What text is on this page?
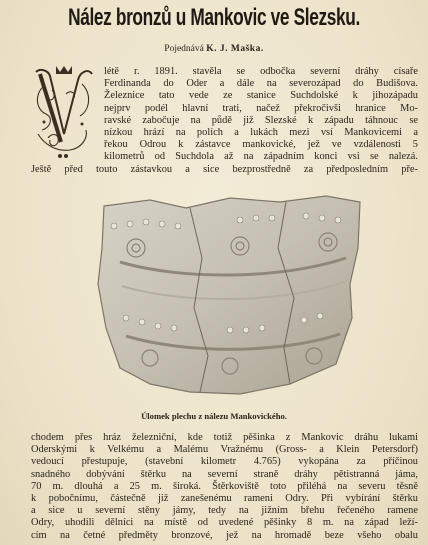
Nález bronzů u Mankovic ve Slezsku.
Pojednává K. J. Maška.
létě r. 1891. stavěla se odbočka severní dráhy císaře
Ferdinanda do Oder a dále na severozápad do Budišova.
Železnice tato vede ze stanice Suchdolské k jihozápadu
nejprv podél hlavní trati, načež překročivši hranice Mo-
ravské zabočuje na půdě již Slezské k západu táhnouc se
nízkou hrází na polích a lukách mezi vsí Mankovicemi a
řekou Odrou k zástavce mankovické, jež ve vzdálenosti 5
kilometrů od Suchdola až na západním konci vsi se nalezá.
Ještě před touto zástavkou a sice bezprostředně za předposledním pře-
Úlomek plechu z nálezu Mankovického.
chodem přes hráz železniční, kde totiž pěšinka z Mankovic dráhu lukami
Oderskými k Velkému a Malému Vražnému (Gross- a Klein Petersdorf)
vedoucí přestupuje, (stavební kilometr 4.765) vykopána za příčinou
snadného dobývání štěrku na severní straně dráhy pětistranná jáma,
70 m. dlouhá a 25 m. široká. Štěrkoviště toto přiléhá na severu těsně
k pobočnímu, částečně již zanešenému rameni Odry. Při vybírání štěrku
a sice u severní stěny jámy, tedy na jižním břehu řečeného ramene
Odry, uhodili dělníci na místě od uvedené pěšinky 8 m. na západ leží-
cím na četné předměty bronzové, jež na hromadě beze všeho obalu
